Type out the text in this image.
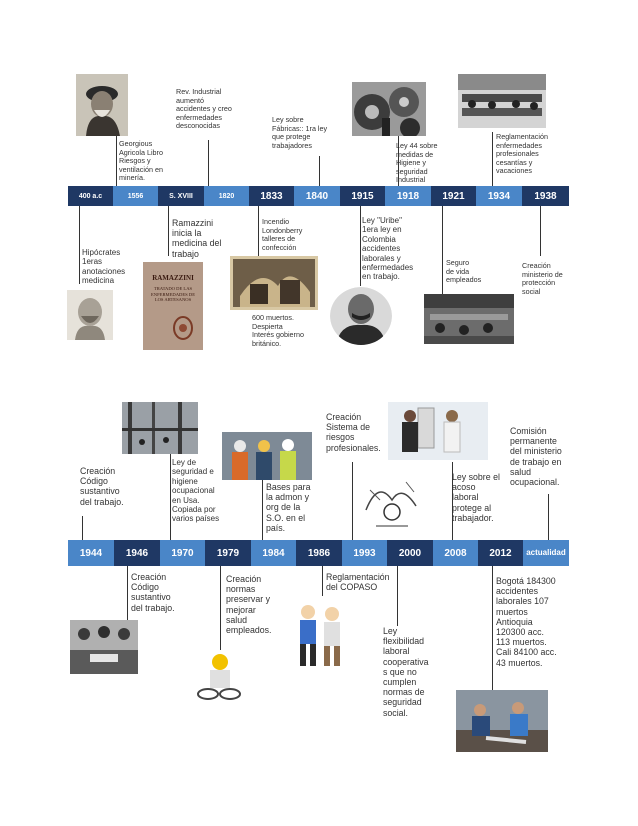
400 a.c	1556	S. XVIII	1820	1833	1840	1915	1918	1921	1934	1938
Georgious
Agricola Libro
Riesgos y
ventilación en
minería.
Rev. Industrial
aumentó
accidentes y creo
enfermedades
desconocidas
Ley sobre
Fábricas:: 1ra ley
que protege
trabajadores	Ley 44 sobre
medidas de
Higiene y
seguridad
Industrial
Reglamentación
enfermedades
profesionales
cesantías y
vacaciones
Hipócrates
1eras
anotaciones
medicina
Ramazzini
inicia la
medicina del
trabajo
Incendio
Londonberry
talleres de
confección
600 muertos.
Despierta
Interés gobierno
británico.
Ley "Uribe"
1era ley en
Colombia
accidentes
laborales y
enfermedades
en trabajo.
Seguro
de vida
empleados
Creación
ministerio de
protección
social
RAMAZZINI
TRATADO DE LAS ENFERMEDADES DE LOS ARTESANOS
1944	1946	1970	1979	1984	1986	1993	2000	2008	2012	actualidad
Creación
Código
sustantivo
del trabajo.
Ley de
seguridad e
higiene
ocupacional
en Usa.
Copiada por
varios países
Bases para
la admon y
org de la
S.O. en el
país.
Creación
Sistema de
riesgos
profesionales.
Ley sobre el
acoso
laboral
protege al
trabajador.
Comisión
permanente
del ministerio
de trabajo en
salud
ocupacional.
Creación
Código
sustantivo
del trabajo.
Creación
normas
preservar y
mejorar
salud
empleados.
Reglamentación
del COPASO
Ley
flexibilidad
laboral
cooperativa
s que no
cumplen
normas de
seguridad
social.
Bogotá 184300
accidentes
laborales 107
muertos
Antioquia
120300 acc.
113 muertos.
Cali 84100 acc.
43 muertos.
